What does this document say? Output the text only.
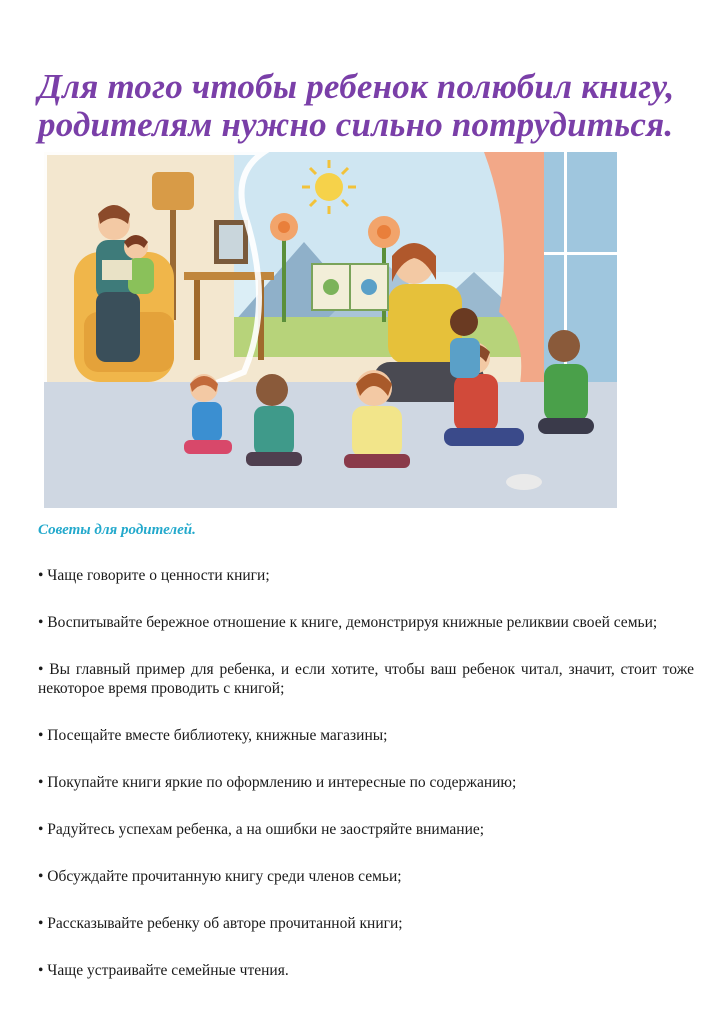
Для того чтобы ребенок полюбил книгу,
родителям нужно сильно потрудиться.

Советы для родителей.

• Чаще говорите о ценности книги;
• Воспитывайте бережное отношение к книге, демонстрируя книжные реликвии своей семьи;
• Вы главный пример для ребенка, и если хотите, чтобы ваш ребенок читал, значит, стоит тоже некоторое время проводить с книгой;
• Посещайте вместе библиотеку, книжные магазины;
• Покупайте книги яркие по оформлению и интересные по содержанию;
• Радуйтесь успехам ребенка, а на ошибки не заостряйте внимание;
• Обсуждайте прочитанную книгу среди членов семьи;
• Рассказывайте ребенку об авторе прочитанной книги;
• Чаще устраивайте семейные чтения.
